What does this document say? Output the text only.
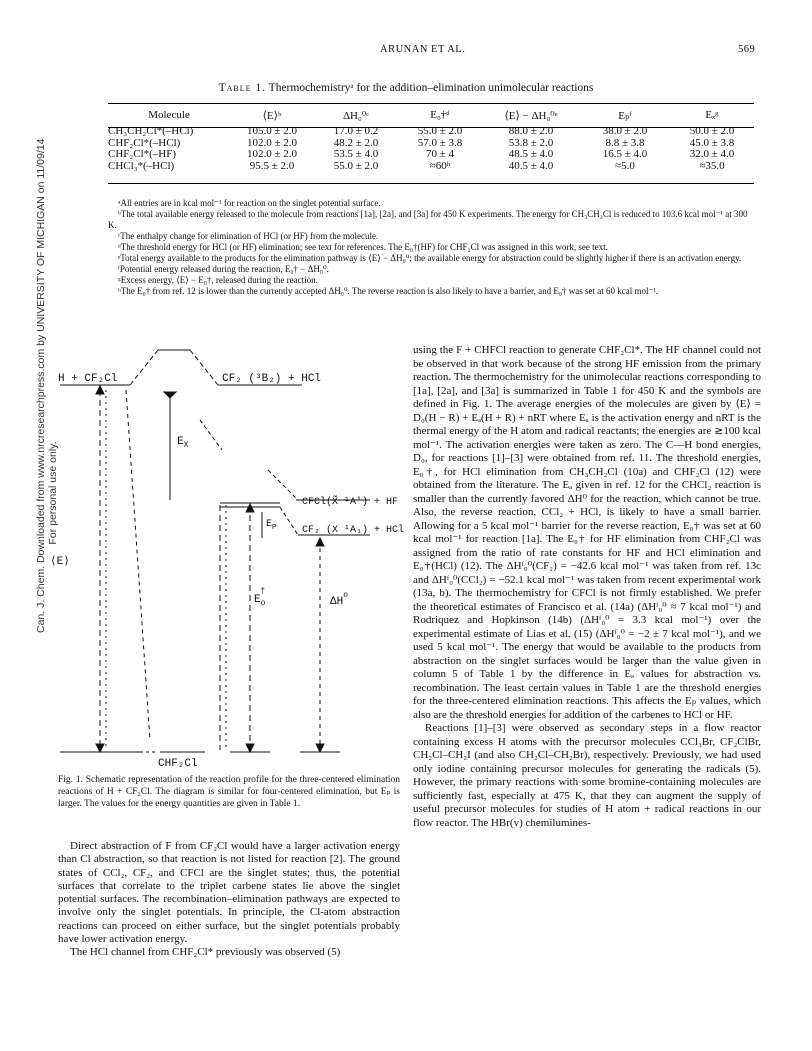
ARUNAN ET AL.	569
Table 1. Thermochemistryᵃ for the addition–elimination unimolecular reactions
Molecule	⟨E⟩ᵇ	ΔH₀⁰ᶜ	E₀†ᵈ	⟨E⟩ − ΔH₀⁰ᵉ	Eₚᶠ	Eₓᵍ
CH₃CH₂Cl*(–HCl)	105.0 ± 2.0	17.0 ± 0.2	55.0 ± 2.0	88.0 ± 2.0	38.0 ± 2.0	50.0 ± 2.0
CHF₂Cl*(–HCl)	102.0 ± 2.0	48.2 ± 2.0	57.0 ± 3.8	53.8 ± 2.0	8.8 ± 3.8	45.0 ± 3.8
CHF₂Cl*(–HF)	102.0 ± 2.0	53.5 ± 4.0	70 ± 4	48.5 ± 4.0	16.5 ± 4.0	32.0 ± 4.0
CHCl₃*(–HCl)	95.5 ± 2.0	55.0 ± 2.0	≈60ʰ	40.5 ± 4.0	≈5.0	≈35.0

ᵃAll entries are in kcal mol⁻¹ for reaction on the singlet potential surface.

ᵇThe total available energy released to the molecule from reactions [1a], [2a], and [3a] for 450 K experiments. The energy for CH₃CH₂Cl is reduced to 103.6 kcal mol⁻¹ at 300 K.

ᶜThe enthalpy change for elimination of HCl (or HF) from the molecule.

ᵈThe threshold energy for HCl (or HF) elimination; see text for references. The E₀†(HF) for CHF₂Cl was assigned in this work, see text.

ᵉTotal energy available to the products for the elimination pathway is ⟨E⟩ − ΔH₀⁰; the available energy for abstraction could be slightly higher if there is an activation energy.

ᶠPotential energy released during the reaction, E₀† − ΔH₀⁰.

ᵍExcess energy, ⟨E⟩ − E₀†, released during the reaction.

ʰThe E₀† from ref. 12 is lower than the currently accepted ΔH₀⁰. The reverse reaction is also likely to have a barrier, and E₀† was set at 60 kcal mol⁻¹.

Can. J. Chem. Downloaded from www.nrcresearchpress.com by UNIVERSITY OF MICHIGAN on 11/09/14 For personal use only.
H + CF₂Cl	CF₂ (³B₂) + HCl
CFCl(X̃ ¹A') + HF
CF₂ (X ¹A₁) + HCl
$E_X$
$E_P$
⟨E⟩
$E_o\dagger$
$\Delta H^o$
CHF₂Cl
Fig. 1. Schematic representation of the reaction profile for the three-centered elimination reactions of H + CF₂Cl. The diagram is similar for four-centered elimination, but Eₚ is larger. The values for the energy quantities are given in Table 1.

Direct abstraction of F from CF₂Cl would have a larger activation energy than Cl abstraction, so that reaction is not listed for reaction [2]. The ground states of CCl₂, CF₂, and CFCl are the singlet states; thus, the potential surfaces that correlate to the triplet carbene states lie above the singlet potential surfaces. The recombination–elimination pathways are expected to involve only the singlet potentials. In principle, the Cl-atom abstraction reactions can proceed on either surface, but the singlet potentials probably have lower activation energy.

The HCl channel from CHF₂Cl* previously was observed (5)

using the F + CHFCl reaction to generate CHF₂Cl*. The HF channel could not be observed in that work because of the strong HF emission from the primary reaction. The thermochemistry for the unimolecular reactions corresponding to [1a], [2a], and [3a] is summarized in Table 1 for 450 K and the symbols are defined in Fig. 1. The average energies of the molecules are given by ⟨E⟩ = D₀(H − R) + Eₐ(H + R) + nRT where Eₐ is the activation energy and nRT is the thermal energy of the H atom and radical reactants; the energies are ≳100 kcal mol⁻¹. The activation energies were taken as zero. The C—H bond energies, D₀, for reactions [1]–[3] were obtained from ref. 11. The threshold energies, E₀†, for HCl elimination from CH₃CH₂Cl (10a) and CHF₂Cl (12) were obtained from the literature. The Eₐ given in ref. 12 for the CHCl₂ reaction is smaller than the currently favored ΔH⁰ for the reaction, which cannot be true. Also, the reverse reaction, CCl₂ + HCl, is likely to have a small barrier. Allowing for a 5 kcal mol⁻¹ barrier for the reverse reaction, E₀† was set at 60 kcal mol⁻¹ for reaction [1a]. The E₀† for HF elimination from CHF₂Cl was assigned from the ratio of rate constants for HF and HCl elimination and E₀†(HCl) (12). The ΔHᶠ₀⁰(CF₂) = −42.6 kcal mol⁻¹ was taken from ref. 13c and ΔHᶠ₀⁰(CCl₂) = −52.1 kcal mol⁻¹ was taken from recent experimental work (13a, b). The thermochemistry for CFCl is not firmly established. We prefer the theoretical estimates of Francisco et al. (14a) (ΔHᶠ₀⁰ ≈ 7 kcal mol⁻¹) and Rodriquez and Hopkinson (14b) (ΔHᶠ₀⁰ = 3.3 kcal mol⁻¹) over the experimental estimate of Lias et al. (15) (ΔHᶠ₀⁰ = −2 ± 7 kcal mol⁻¹), and we used 5 kcal mol⁻¹. The energy that would be available to the products from abstraction on the singlet surfaces would be larger than the value given in column 5 of Table 1 by the difference in Eₐ values for abstraction vs. recombination. The least certain values in Table 1 are the threshold energies for the three-centered elimination reactions. This affects the Eₚ values, which also are the threshold energies for addition of the carbenes to HCl or HF.

Reactions [1]–[3] were observed as secondary steps in a flow reactor containing excess H atoms with the precursor molecules CCl₃Br, CF₂ClBr, CH₂Cl–CH₂I (and also CH₂Cl–CH₂Br), respectively. Previously, we had used only iodine containing precursor molecules for generating the radicals (5). However, the primary reactions with some bromine-containing molecules are sufficiently fast, especially at 475 K, that they can augment the supply of useful precursor molecules for studies of H atom + radical reactions in our flow reactor. The HBr(v) chemilumines-
